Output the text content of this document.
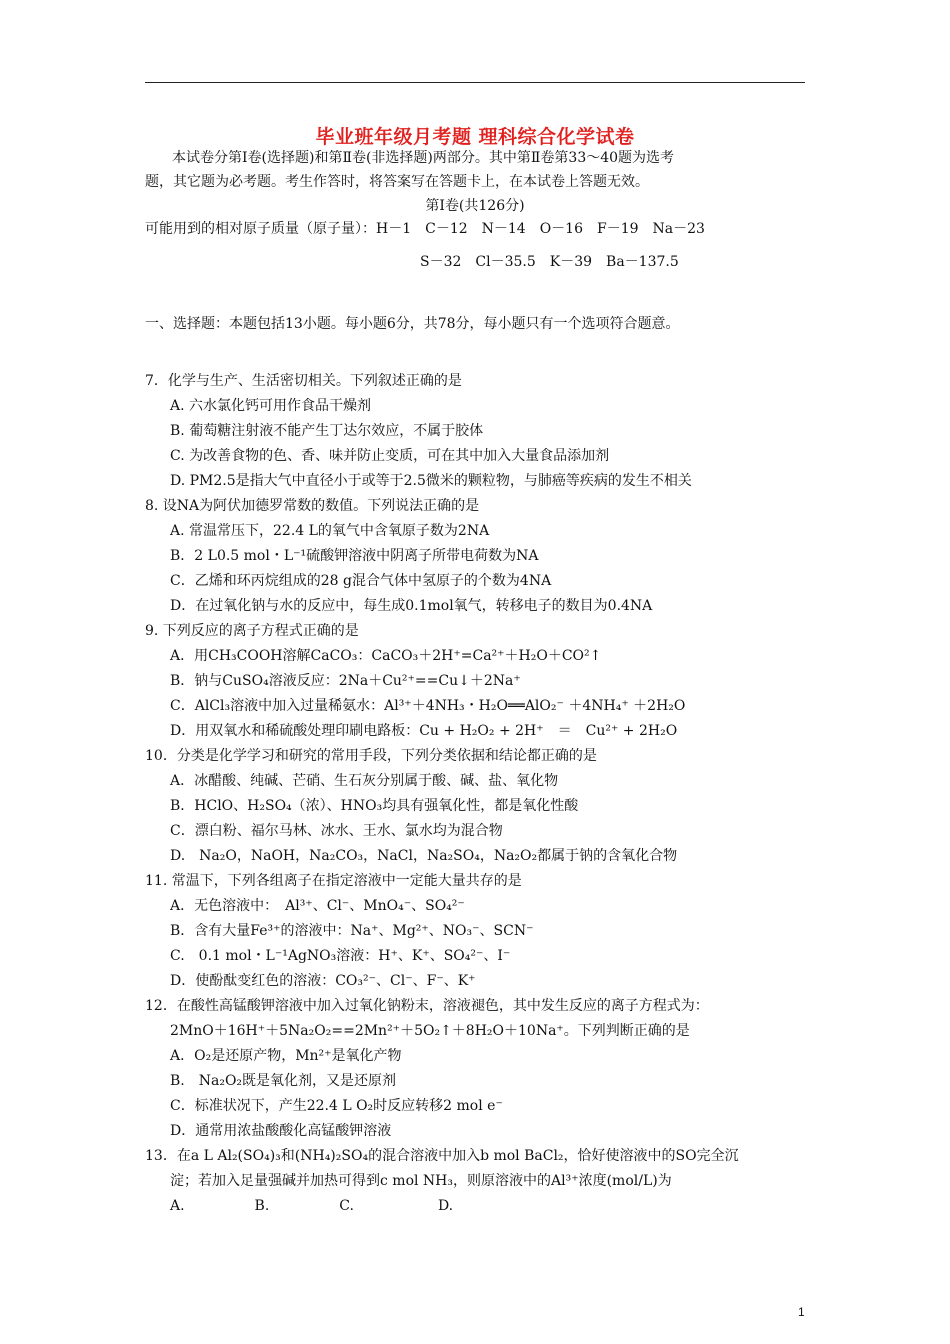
毕业班年级月考题 理科综合化学试卷
本试卷分第Ⅰ卷(选择题)和第Ⅱ卷(非选择题)两部分。其中第Ⅱ卷第33～40题为选考
题，其它题为必考题。考生作答时，将答案写在答题卡上，在本试卷上答题无效。
第Ⅰ卷(共126分)
可能用到的相对原子质量（原子量）：H－1　C－12　N－14　O－16　F－19　Na－23
S－32　Cl－35.5　K－39　Ba－137.5
一、选择题：本题包括13小题。每小题6分，共78分，每小题只有一个选项符合题意。
7．化学与生产、生活密切相关。下列叙述正确的是
A. 六水氯化钙可用作食品干燥剂
B. 葡萄糖注射液不能产生丁达尔效应，不属于胶体
C. 为改善食物的色、香、味并防止变质，可在其中加入大量食品添加剂
D. PM2.5是指大气中直径小于或等于2.5微米的颗粒物，与肺癌等疾病的发生不相关
8. 设NA为阿伏加德罗常数的数值。下列说法正确的是
A. 常温常压下，22.4 L的氧气中含氧原子数为2NA
B．2 L0.5 mol・L⁻¹硫酸钾溶液中阴离子所带电荷数为NA
C．乙烯和环丙烷组成的28 g混合气体中氢原子的个数为4NA
D．在过氧化钠与水的反应中，每生成0.1mol氧气，转移电子的数目为0.4NA
9. 下列反应的离子方程式正确的是
A．用CH₃COOH溶解CaCO₃：CaCO₃＋2H⁺=Ca²⁺＋H₂O＋CO²↑
B．钠与CuSO₄溶液反应：2Na＋Cu²⁺==Cu↓＋2Na⁺
C．AlCl₃溶液中加入过量稀氨水：Al³⁺＋4NH₃・H₂O══AlO₂⁻ ＋4NH₄⁺ ＋2H₂O
D．用双氧水和稀硫酸处理印刷电路板：Cu + H₂O₂ + 2H⁺　＝　Cu²⁺ + 2H₂O
10．分类是化学学习和研究的常用手段，下列分类依据和结论都正确的是
A．冰醋酸、纯碱、芒硝、生石灰分别属于酸、碱、盐、氧化物
B．HClO、H₂SO₄（浓）、HNO₃均具有强氧化性，都是氧化性酸
C．漂白粉、福尔马林、冰水、王水、氯水均为混合物
D.　Na₂O，NaOH，Na₂CO₃，NaCl，Na₂SO₄，Na₂O₂都属于钠的含氧化合物
11. 常温下，下列各组离子在指定溶液中一定能大量共存的是
A．无色溶液中：　Al³⁺、Cl⁻、MnO₄⁻、SO₄²⁻
B．含有大量Fe³⁺的溶液中：Na⁺、Mg²⁺、NO₃⁻、SCN⁻
C.　0.1 mol・L⁻¹AgNO₃溶液：H⁺、K⁺、SO₄²⁻、I⁻
D．使酚酞变红色的溶液：CO₃²⁻、Cl⁻、F⁻、K⁺
12．在酸性高锰酸钾溶液中加入过氧化钠粉末，溶液褪色，其中发生反应的离子方程式为：
2MnO＋16H⁺＋5Na₂O₂==2Mn²⁺＋5O₂↑＋8H₂O＋10Na⁺。下列判断正确的是
A．O₂是还原产物，Mn²⁺是氧化产物
B.　Na₂O₂既是氧化剂，又是还原剂
C．标准状况下，产生22.4 L O₂时反应转移2 mol e⁻
D．通常用浓盐酸酸化高锰酸钾溶液
13．在a L Al₂(SO₄)₃和(NH₄)₂SO₄的混合溶液中加入b mol BaCl₂，恰好使溶液中的SO完全沉
淀；若加入足量强碱并加热可得到c mol NH₃，则原溶液中的Al³⁺浓度(mol/L)为
A.　　　　　B.　　　　　C.　　　　　　D.
1
